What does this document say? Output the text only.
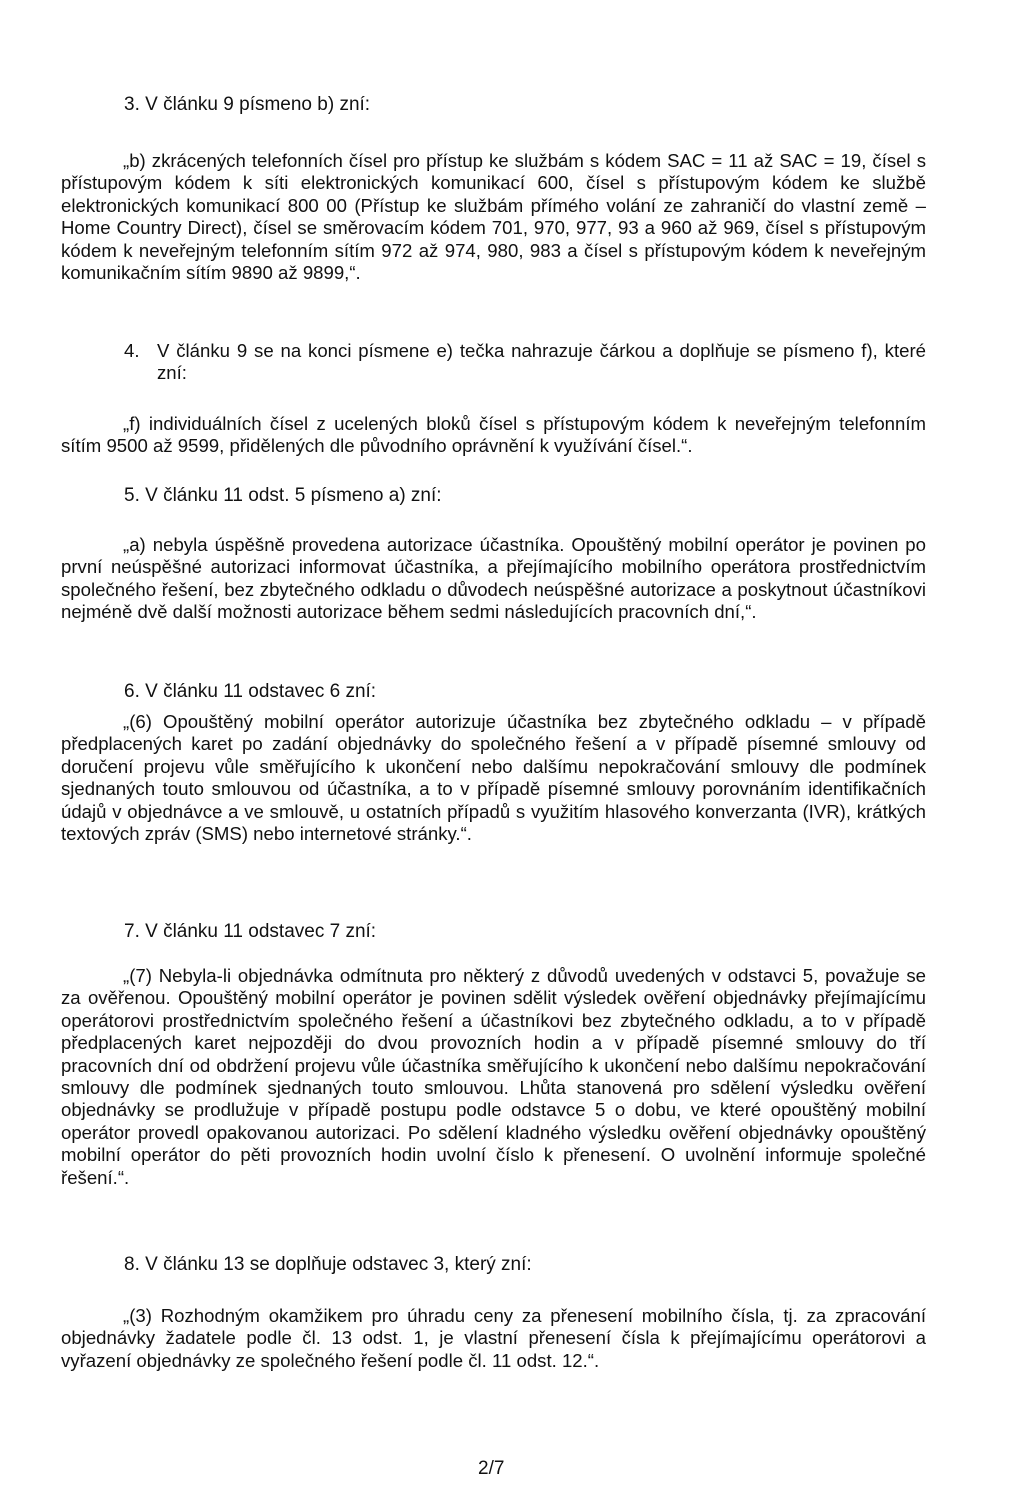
3. V článku 9 písmeno b) zní:
„b) zkrácených telefonních čísel pro přístup ke službám s kódem SAC = 11 až SAC = 19, čísel s přístupovým kódem k síti elektronických komunikací 600, čísel s přístupovým kódem ke službě elektronických komunikací 800 00 (Přístup ke službám přímého volání ze zahraničí do vlastní země – Home Country Direct), čísel se směrovacím kódem 701, 970, 977, 93 a 960 až 969, čísel s přístupovým kódem k neveřejným telefonním sítím 972 až 974, 980, 983 a čísel s přístupovým kódem k neveřejným komunikačním sítím 9890 až 9899,“.
4. V článku 9 se na konci písmene e) tečka nahrazuje čárkou a doplňuje se písmeno f), které zní:
„f) individuálních čísel z ucelených bloků čísel s přístupovým kódem k neveřejným telefonním sítím 9500 až 9599, přidělených dle původního oprávnění k využívání čísel.“.
5. V článku 11 odst. 5 písmeno a) zní:
„a) nebyla úspěšně provedena autorizace účastníka. Opouštěný mobilní operátor je povinen po první neúspěšné autorizaci informovat účastníka, a přejímajícího mobilního operátora prostřednictvím společného řešení, bez zbytečného odkladu o důvodech neúspěšné autorizace a poskytnout účastníkovi nejméně dvě další možnosti autorizace během sedmi následujících pracovních dní,“.
6. V článku 11 odstavec 6 zní:
„(6) Opouštěný mobilní operátor autorizuje účastníka bez zbytečného odkladu – v případě předplacených karet po zadání objednávky do společného řešení a v případě písemné smlouvy od doručení projevu vůle směřujícího k ukončení nebo dalšímu nepokračování smlouvy dle podmínek sjednaných touto smlouvou od účastníka, a to v případě písemné smlouvy porovnáním identifikačních údajů v objednávce a ve smlouvě, u ostatních případů s využitím hlasového konverzanta (IVR), krátkých textových zpráv (SMS) nebo internetové stránky.“.
7. V článku 11 odstavec 7 zní:
„(7) Nebyla-li objednávka odmítnuta pro některý z důvodů uvedených v odstavci 5, považuje se za ověřenou. Opouštěný mobilní operátor je povinen sdělit výsledek ověření objednávky přejímajícímu operátorovi prostřednictvím společného řešení a účastníkovi bez zbytečného odkladu, a to v případě předplacených karet nejpozději do dvou provozních hodin a v případě písemné smlouvy do tří pracovních dní od obdržení projevu vůle účastníka směřujícího k ukončení nebo dalšímu nepokračování smlouvy dle podmínek sjednaných touto smlouvou. Lhůta stanovená pro sdělení výsledku ověření objednávky se prodlužuje v případě postupu podle odstavce 5 o dobu, ve které opouštěný mobilní operátor provedl opakovanou autorizaci. Po sdělení kladného výsledku ověření objednávky opouštěný mobilní operátor do pěti provozních hodin uvolní číslo k přenesení. O uvolnění informuje společné řešení.“.
8. V článku 13 se doplňuje odstavec 3, který zní:
„(3) Rozhodným okamžikem pro úhradu ceny za přenesení mobilního čísla, tj. za zpracování objednávky žadatele podle čl. 13 odst. 1, je vlastní přenesení čísla k přejímajícímu operátorovi a vyřazení objednávky ze společného řešení podle čl. 11 odst. 12.“.
2/7
